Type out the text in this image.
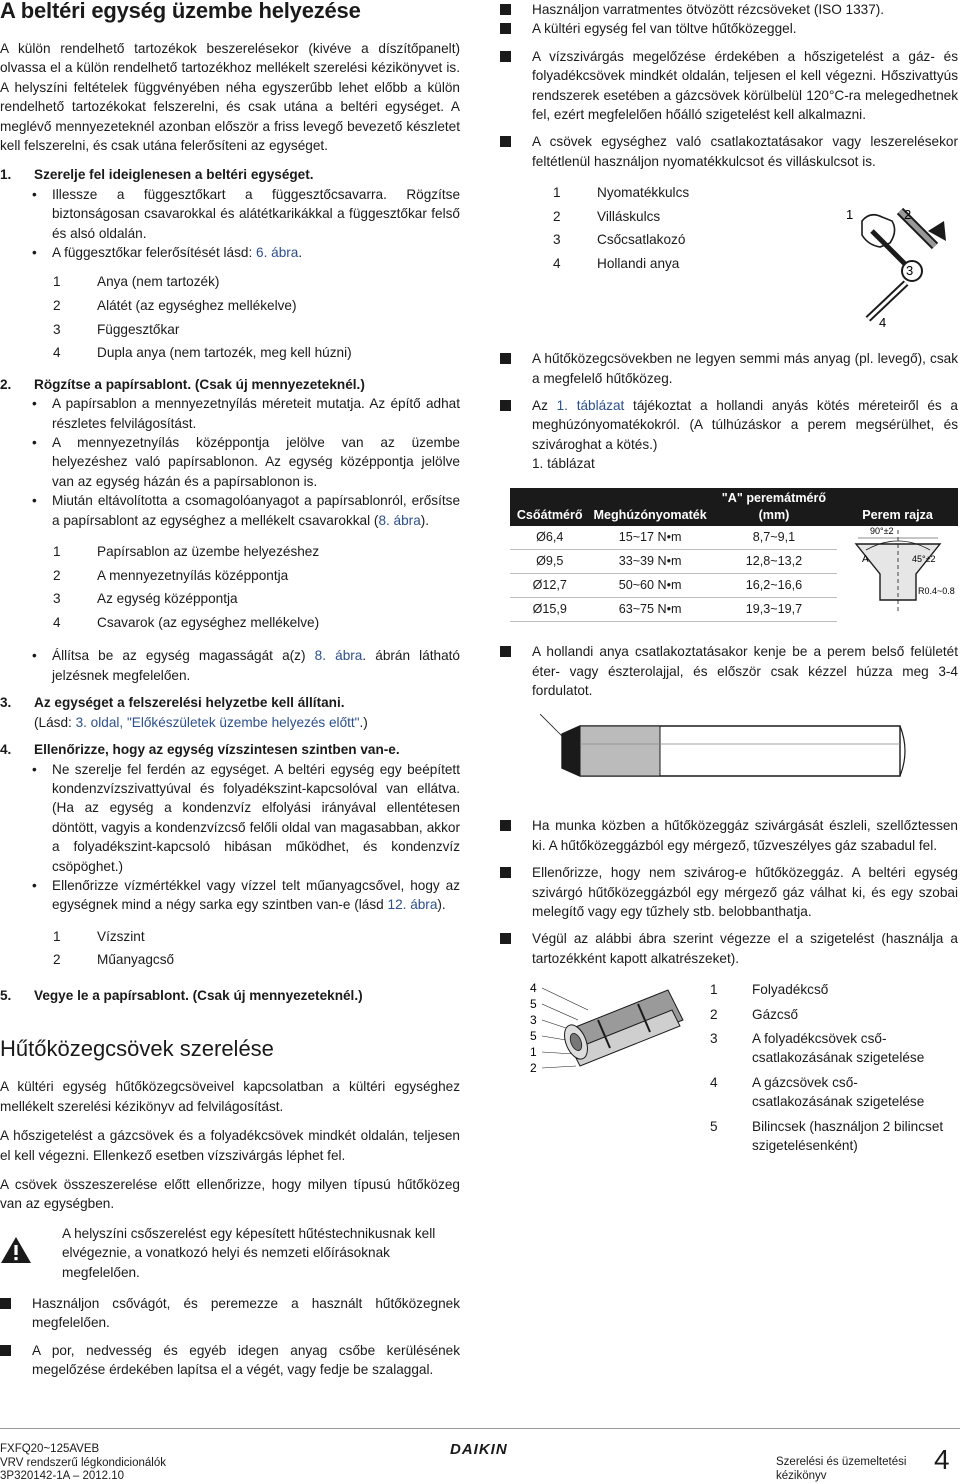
A beltéri egység üzembe helyezése

A külön rendelhető tartozékok beszerelésekor (kivéve a díszítőpanelt) olvassa el a külön rendelhető tartozékhoz mellékelt szerelési kézikönyvet is. A helyszíni feltételek függvényében néha egyszerűbb lehet előbb a külön rendelhető tartozékokat felszerelni, és csak utána a beltéri egységet. A meglévő mennyezeteknél azonban először a friss levegő bevezető készletet kell felszerelni, és csak utána felerősíteni az egységet.

1. Szerelje fel ideiglenesen a beltéri egységet.
• Illessze a függesztőkart a függesztőcsavarra. Rögzítse biztonságosan csavarokkal és alátétkarikákkal a függesztőkar felső és alsó oldalán.
• A függesztőkar felerősítését lásd: 6. ábra.
1	Anya (nem tartozék)
2	Alátét (az egységhez mellékelve)
3	Függesztőkar
4	Dupla anya (nem tartozék, meg kell húzni)
2. Rögzítse a papírsablont. (Csak új mennyezeteknél.)
• A papírsablon a mennyezetnyílás méreteit mutatja. Az építő adhat részletes felvilágosítást.
• A mennyezetnyílás középpontja jelölve van az üzembe helyezéshez való papírsablonon. Az egység középpontja jelölve van az egység házán és a papírsablonon is.
• Miután eltávolította a csomagolóanyagot a papírsablonról, erősítse a papírsablont az egységhez a mellékelt csavarokkal (8. ábra).
1	Papírsablon az üzembe helyezéshez
2	A mennyezetnyílás középpontja
3	Az egység középpontja
4	Csavarok (az egységhez mellékelve)
• Állítsa be az egység magasságát a(z) 8. ábra. ábrán látható jelzésnek megfelelően.
3. Az egységet a felszerelési helyzetbe kell állítani.
(Lásd: 3. oldal, "Előkészületek üzembe helyezés előtt".)
4. Ellenőrizze, hogy az egység vízszintesen szintben van-e.
• Ne szerelje fel ferdén az egységet. A beltéri egység egy beépített kondenzvízszivattyúval és folyadékszint-kapcsolóval van ellátva. (Ha az egység a kondenzvíz elfolyási irányával ellentétesen döntött, vagyis a kondenzvízcső felőli oldal van magasabban, akkor a folyadékszint-kapcsoló hibásan működhet, és kondenzvíz csöpöghet.)
• Ellenőrizze vízmértékkel vagy vízzel telt műanyagcsővel, hogy az egységnek mind a négy sarka egy szintben van-e (lásd 12. ábra).
1	Vízszint
2	Műanyagcső
5. Vegye le a papírsablont. (Csak új mennyezeteknél.)
Hűtőközegcsövek szerelése

A kültéri egység hűtőközegcsöveivel kapcsolatban a kültéri egységhez mellékelt szerelési kézikönyv ad felvilágosítást.

A hőszigetelést a gázcsövek és a folyadékcsövek mindkét oldalán, teljesen el kell végezni. Ellenkező esetben vízszivárgás léphet fel.

A csövek összeszerelése előtt ellenőrizze, hogy milyen típusú hűtőközeg van az egységben.

A helyszíni csőszerelést egy képesített hűtéstechnikusnak kell elvégeznie, a vonatkozó helyi és nemzeti előírásoknak megfelelően.

Használjon csővágót, és peremezze a használt hűtőközegnek megfelelően.
A por, nedvesség és egyéb idegen anyag csőbe kerülésének megelőzése érdekében lapítsa el a végét, vagy fedje be szalaggal.
Használjon varratmentes ötvözött rézcsöveket (ISO 1337).
A kültéri egység fel van töltve hűtőközeggel.
A vízszivárgás megelőzése érdekében a hőszigetelést a gáz- és folyadékcsövek mindkét oldalán, teljesen el kell végezni. Hőszivattyús rendszerek esetében a gázcsövek körülbelül 120°C-ra melegedhetnek fel, ezért megfelelően hőálló szigetelést kell alkalmazni.
A csövek egységhez való csatlakoztatásakor vagy leszerelésekor feltétlenül használjon nyomatékkulcsot és villáskulcsot is.
1	Nyomatékkulcs
2	Villáskulcs
3	Csőcsatlakozó
4	Hollandi anya
1	2
3
4
A hűtőközegcsövekben ne legyen semmi más anyag (pl. levegő), csak a megfelelő hűtőközeg.
Az 1. táblázat tájékoztat a hollandi anyás kötés méreteiről és a meghúzónyomatékokról. (A túlhúzáskor a perem megsérülhet, és szivároghat a kötés.)
1. táblázat
Csőátmérő	Meghúzónyomaték	"A" peremátmérő (mm)	Perem rajza
Ø6,4	15~17 N•m	8,7~9,1	
Ø9,5	33~39 N•m	12,8~13,2	
Ø12,7	50~60 N•m	16,2~16,6	
Ø15,9	63~75 N•m	19,3~19,7	
90°±2
45°±2
A
R0.4~0.8
A hollandi anya csatlakoztatásakor kenje be a perem belső felületét éter- vagy észterolajjal, és először csak kézzel húzza meg 3-4 fordulatot.
Ha munka közben a hűtőközeggáz szivárgását észleli, szellőztessen ki. A hűtőközeggázból egy mérgező, tűzveszélyes gáz szabadul fel.
Ellenőrizze, hogy nem szivárog-e hűtőközeggáz. A beltéri egység szivárgó hűtőközeggázból egy mérgező gáz válhat ki, és egy szobai melegítő vagy egy tűzhely stb. belobbanthatja.
Végül az alábbi ábra szerint végezze el a szigetelést (használja a tartozékként kapott alkatrészeket).
4
5
3
5
1
2
1	Folyadékcső
2	Gázcső
3	A folyadékcsövek cső-csatlakozásának szigetelése
4	A gázcsövek cső-csatlakozásának szigetelése
5	Bilincsek (használjon 2 bilincset szigetelésenként)
FXFQ20~125AVEB
VRV rendszerű légkondicionálók
3P320142-1A – 2012.10
DAIKIN
Szerelési és üzemeltetési kézikönyv
4
